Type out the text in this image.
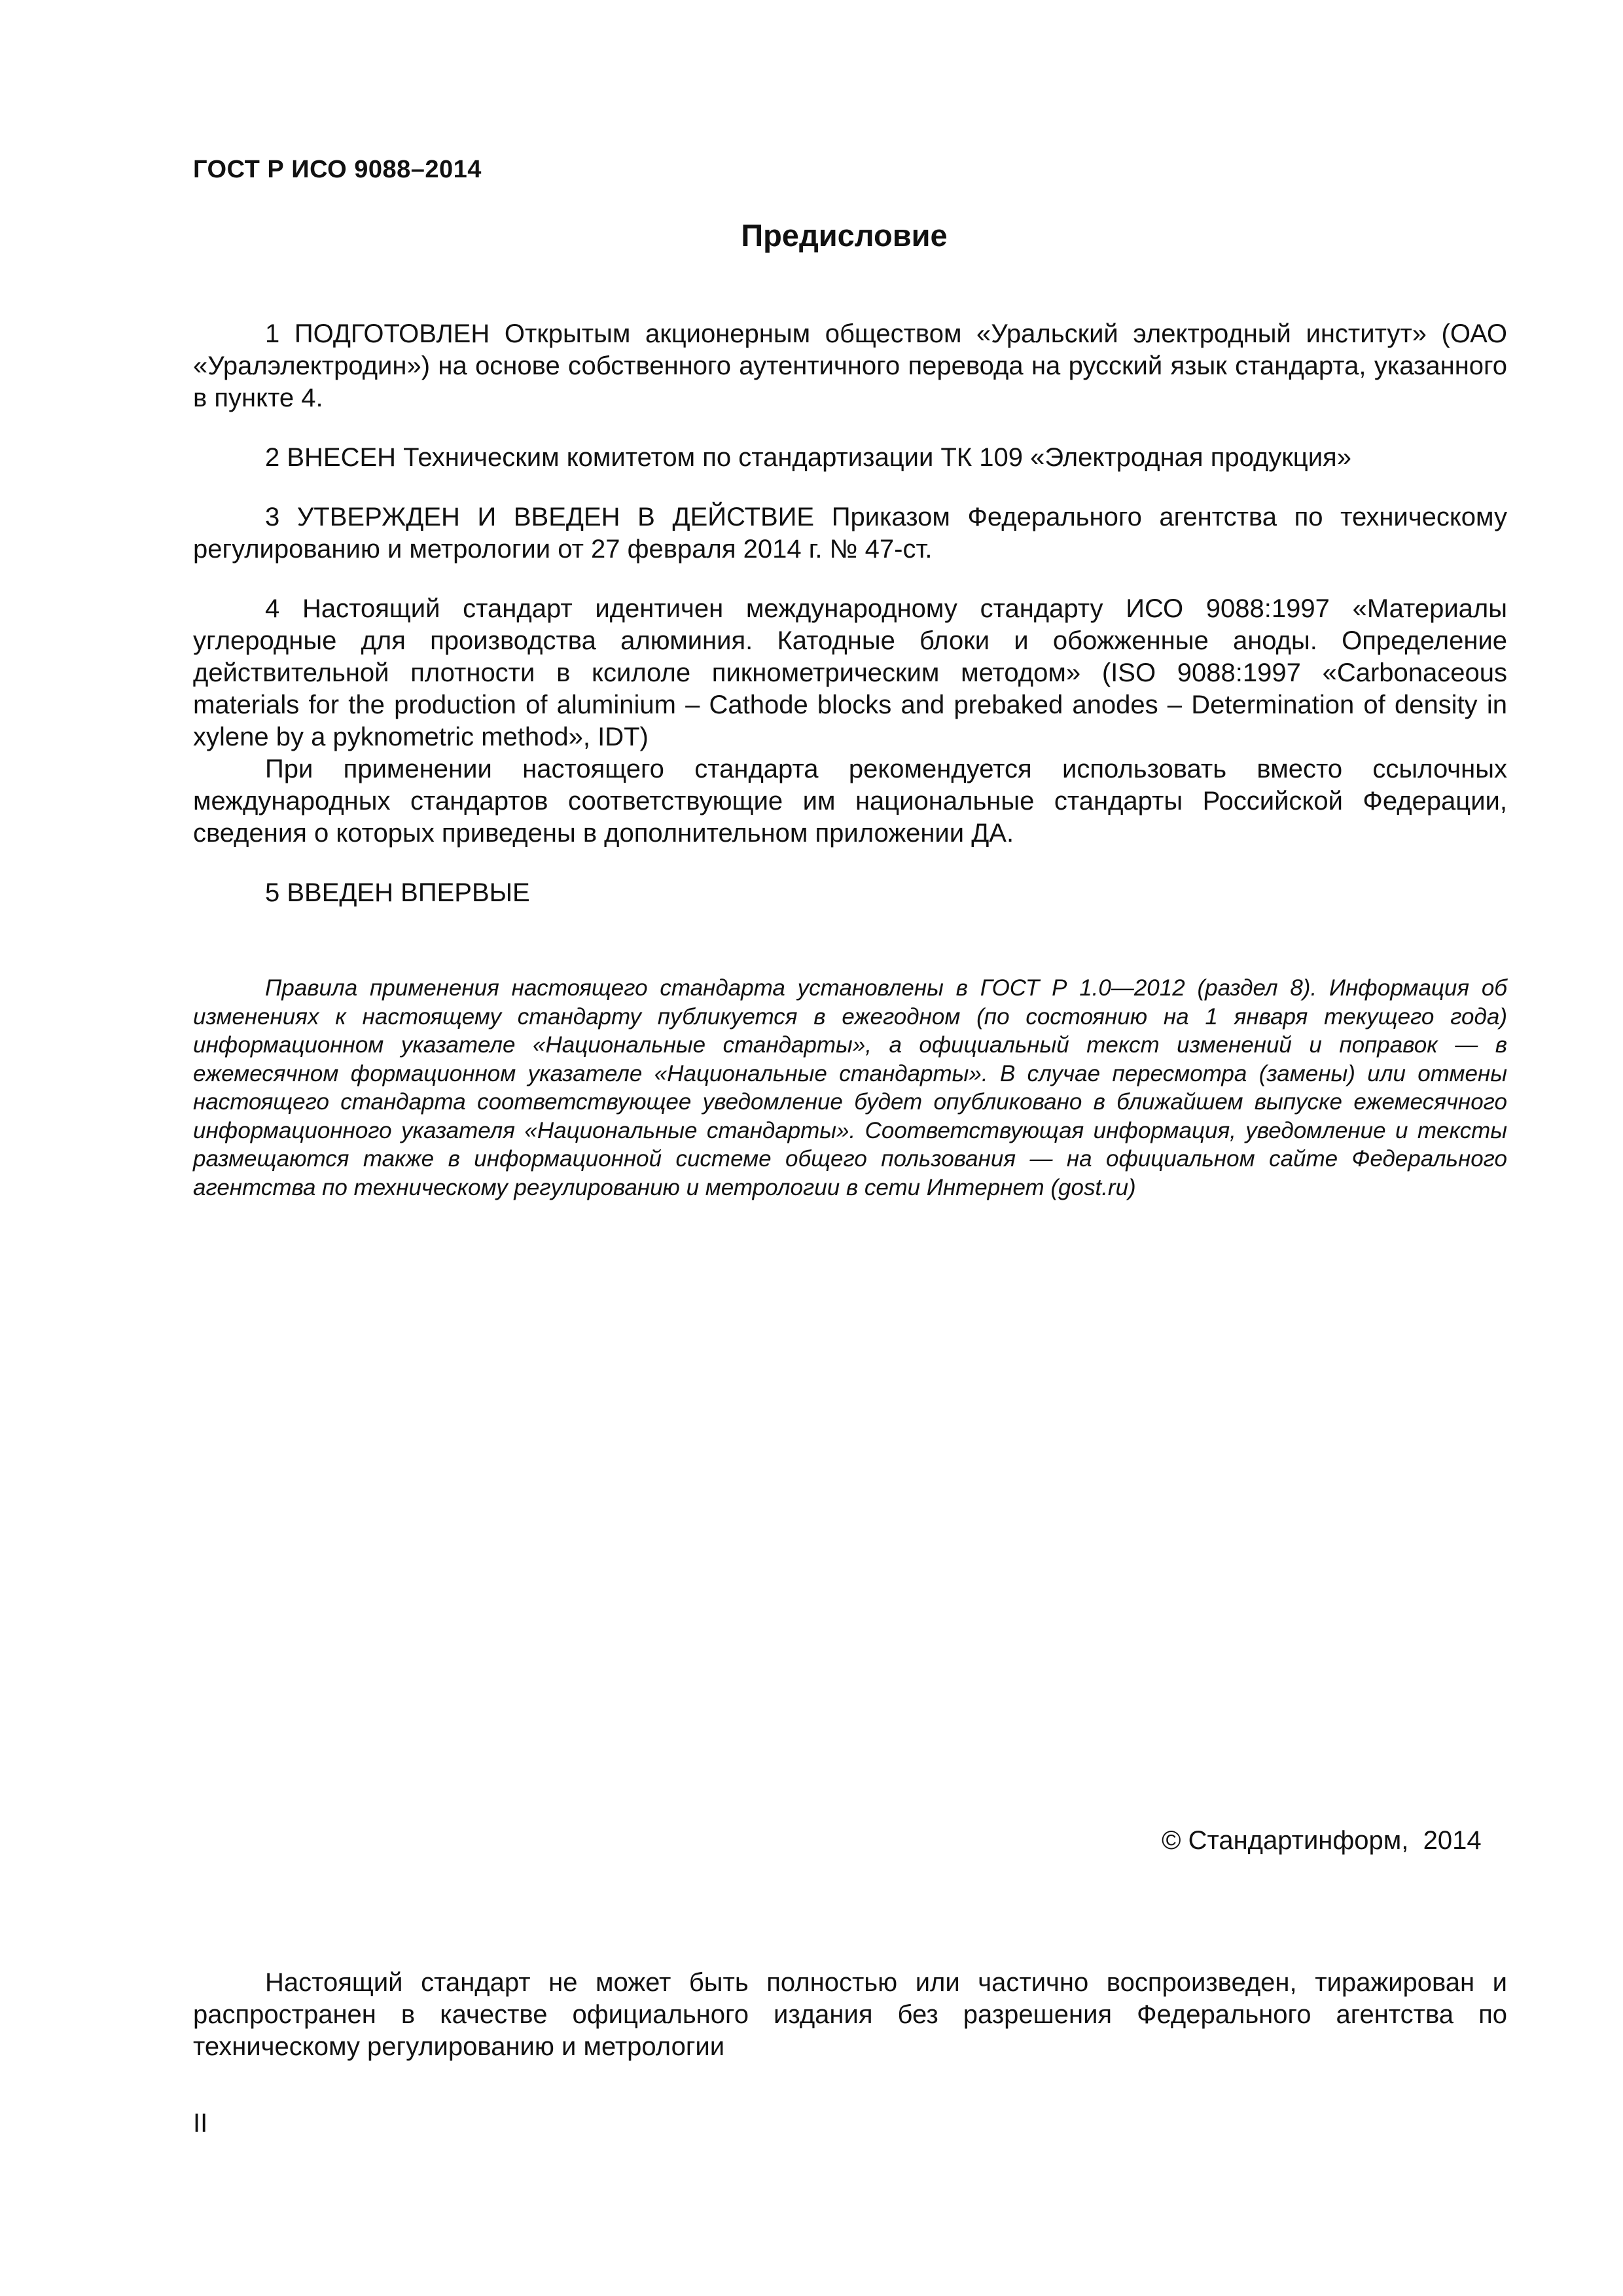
ГОСТ Р ИСО 9088–2014
Предисловие

1 ПОДГОТОВЛЕН Открытым акционерным обществом «Уральский электродный институт» (ОАО «Уралэлектродин») на основе собственного аутентичного перевода на русский язык стандарта, указанного в пункте 4.

2 ВНЕСЕН Техническим комитетом по стандартизации ТК 109 «Электродная продукция»

3 УТВЕРЖДЕН И ВВЕДЕН В ДЕЙСТВИЕ Приказом Федерального агентства по техническому регулированию и метрологии от 27 февраля 2014 г. № 47-ст.

4 Настоящий стандарт идентичен международному стандарту ИСО 9088:1997 «Материалы углеродные для производства алюминия. Катодные блоки и обожженные аноды. Определение действительной плотности в ксилоле пикнометрическим методом» (ISO 9088:1997 «Carbonaceous materials for the production of aluminium – Cathode blocks and prebaked anodes – Determination of density in xylene by a pyknometric method», IDT)

При применении настоящего стандарта рекомендуется использовать вместо ссылочных международных стандартов соответствующие им национальные стандарты Российской Федерации, сведения о которых приведены в дополнительном приложении ДА.

5 ВВЕДЕН ВПЕРВЫЕ

Правила применения настоящего стандарта установлены в ГОСТ Р 1.0—2012 (раздел 8). Информация об изменениях к настоящему стандарту публикуется в ежегодном (по состоянию на 1 января текущего года) информационном указателе «Национальные стандарты», а официальный текст изменений и поправок — в ежемесячном формационном указателе «Национальные стандарты». В случае пересмотра (замены) или отмены настоящего стандарта соответствующее уведомление будет опубликовано в ближайшем выпуске ежемесячного информационного указателя «Национальные стандарты». Соответствующая информация, уведомление и тексты размещаются также в информационной системе общего пользования — на официальном сайте Федерального агентства по техническому регулированию и метрологии в сети Интернет (gost.ru)

© Стандартинформ,  2014

Настоящий стандарт не может быть полностью или частично воспроизведен, тиражирован и распространен в качестве официального издания без разрешения Федерального агентства по техническому регулированию и метрологии

II
